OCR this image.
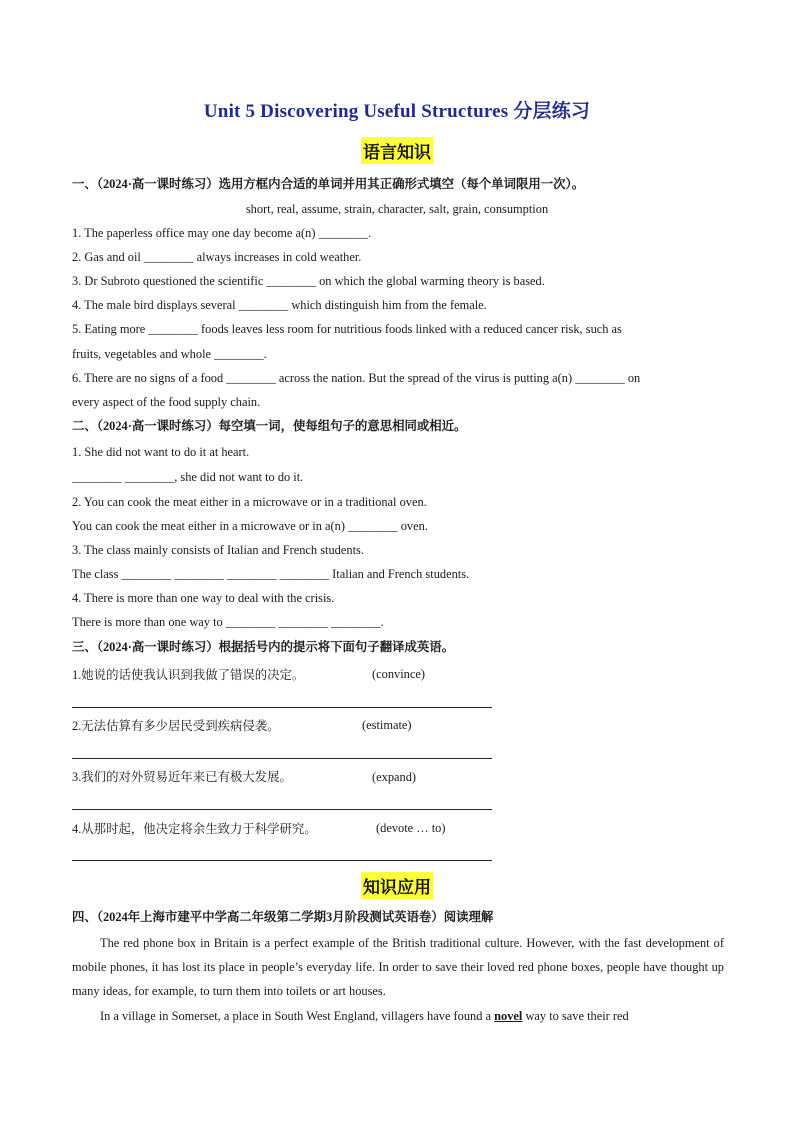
Unit 5 Discovering Useful Structures 分层练习
语言知识
一、（2024·高一课时练习）选用方框内合适的单词并用其正确形式填空（每个单词限用一次）。
short, real, assume, strain, character, salt, grain, consumption
1. The paperless office may one day become a(n) ________.
2. Gas and oil ________ always increases in cold weather.
3. Dr Subroto questioned the scientific ________ on which the global warming theory is based.
4. The male bird displays several ________ which distinguish him from the female.
5. Eating more ________ foods leaves less room for nutritious foods linked with a reduced cancer risk, such as
fruits, vegetables and whole ________.
6. There are no signs of a food ________ across the nation. But the spread of the virus is putting a(n) ________ on
every aspect of the food supply chain.
二、（2024·高一课时练习）每空填一词，使每组句子的意思相同或相近。
1. She did not want to do it at heart.
________ ________, she did not want to do it.
2. You can cook the meat either in a microwave or in a traditional oven.
You can cook the meat either in a microwave or in a(n) ________ oven.
3. The class mainly consists of Italian and French students.
The class ________ ________ ________ ________ Italian and French students.
4. There is more than one way to deal with the crisis.
There is more than one way to ________ ________ ________.
三、（2024·高一课时练习）根据括号内的提示将下面句子翻译成英语。
1.她说的话使我认识到我做了错误的决定。	(convince)
2.无法估算有多少居民受到疾病侵袭。	(estimate)
3.我们的对外贸易近年来已有极大发展。	(expand)
4.从那时起，他决定将余生致力于科学研究。	(devote … to)
知识应用
四、（2024年上海市建平中学高二年级第二学期3月阶段测试英语卷）阅读理解
The red phone box in Britain is a perfect example of the British traditional culture. However, with the fast development of mobile phones, it has lost its place in people’s everyday life. In order to save their loved red phone boxes, people have thought up many ideas, for example, to turn them into toilets or art houses.
In a village in Somerset, a place in South West England, villagers have found a novel way to save their red
